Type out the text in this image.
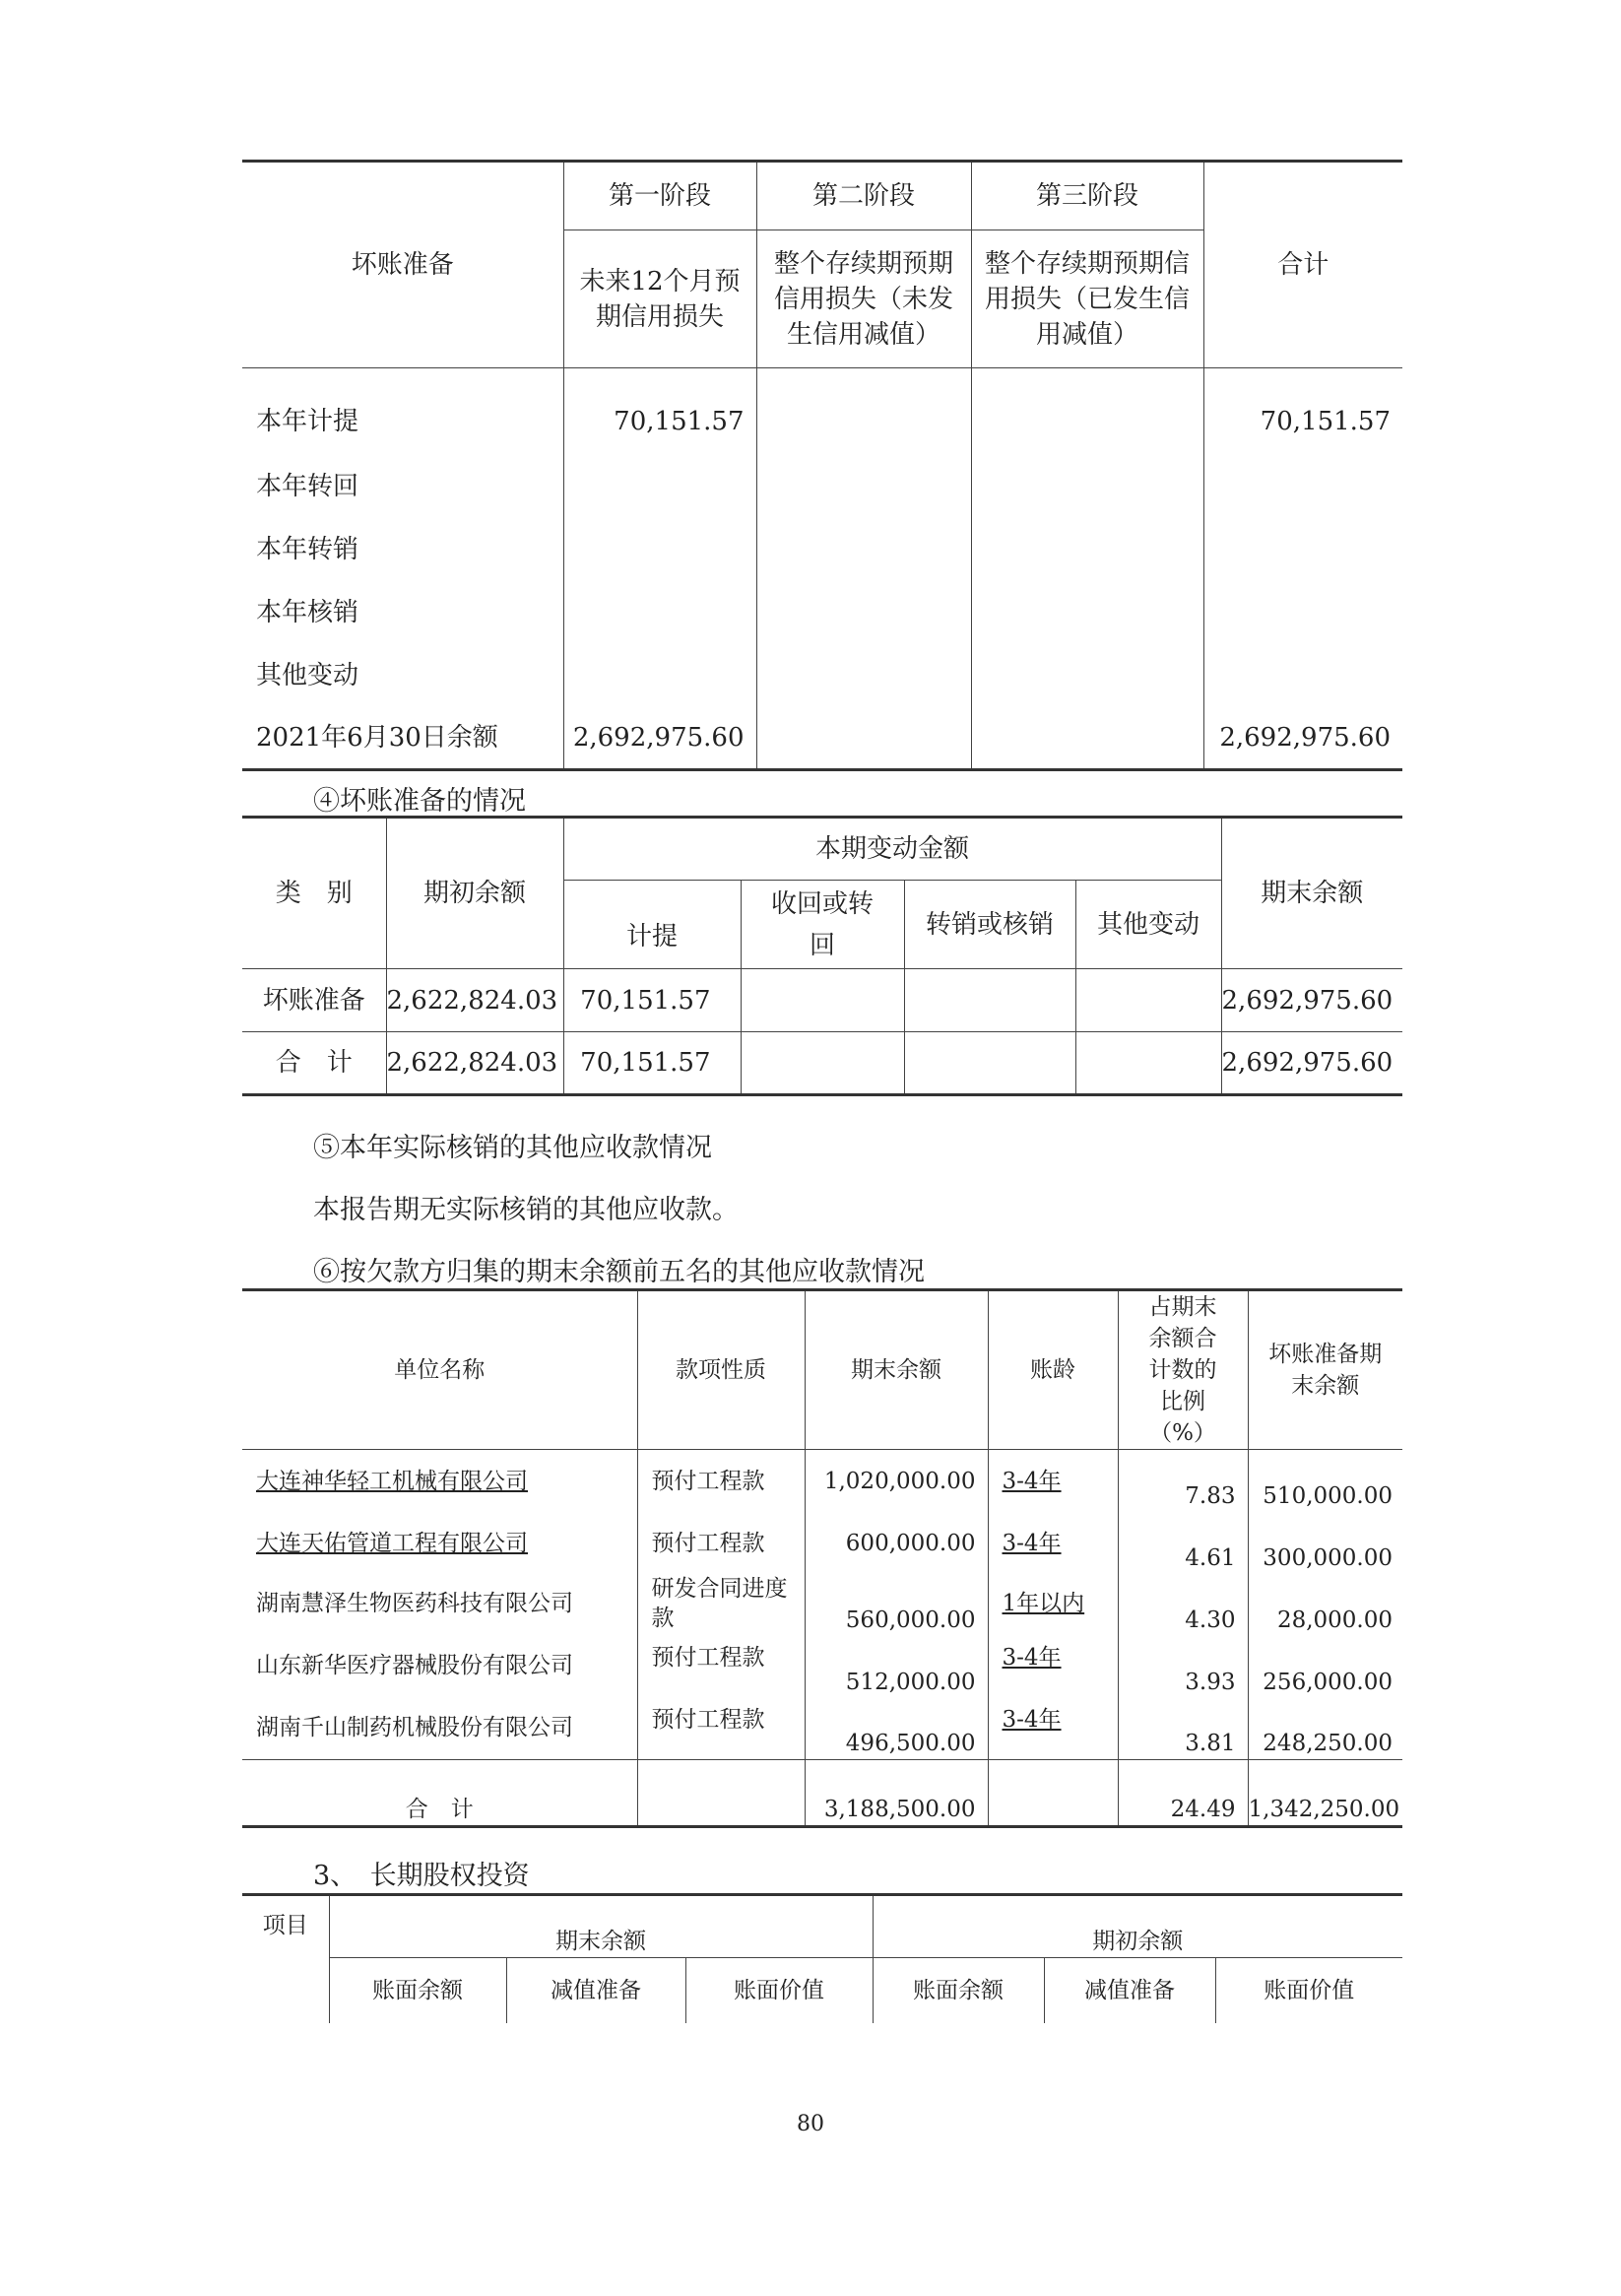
坏账准备	第一阶段	第二阶段	第三阶段	合计
	未来12个月预期信用损失	整个存续期预期信用损失（未发生信用减值）	整个存续期预期信用损失（已发生信用减值）	
本年计提	70,151.57			70,151.57
本年转回				
本年转销				
本年核销				
其他变动				
2021年6月30日余额	2,692,975.60			2,692,975.60
④坏账准备的情况
类　别	期初余额	本期变动金额				期末余额
		计提	收回或转回	转销或核销	其他变动	
坏账准备	2,622,824.03	70,151.57				2,692,975.60
合　计	2,622,824.03	70,151.57				2,692,975.60
⑤本年实际核销的其他应收款情况
本报告期无实际核销的其他应收款。
⑥按欠款方归集的期末余额前五名的其他应收款情况
单位名称	款项性质	期末余额	账龄	占期末余额合计数的比例（%）	坏账准备期末余额
大连神华轻工机械有限公司	预付工程款	1,020,000.00	3-4年	7.83	510,000.00
大连天佑管道工程有限公司	预付工程款	600,000.00	3-4年	4.61	300,000.00
湖南慧泽生物医药科技有限公司	研发合同进度款	560,000.00	1年以内	4.30	28,000.00
山东新华医疗器械股份有限公司	预付工程款	512,000.00	3-4年	3.93	256,000.00
湖南千山制药机械股份有限公司	预付工程款	496,500.00	3-4年	3.81	248,250.00
合　计		3,188,500.00		24.49	1,342,250.00
3、　长期股权投资
项目	期末余额			期初余额		
	账面余额	减值准备	账面价值	账面余额	减值准备	账面价值
80
